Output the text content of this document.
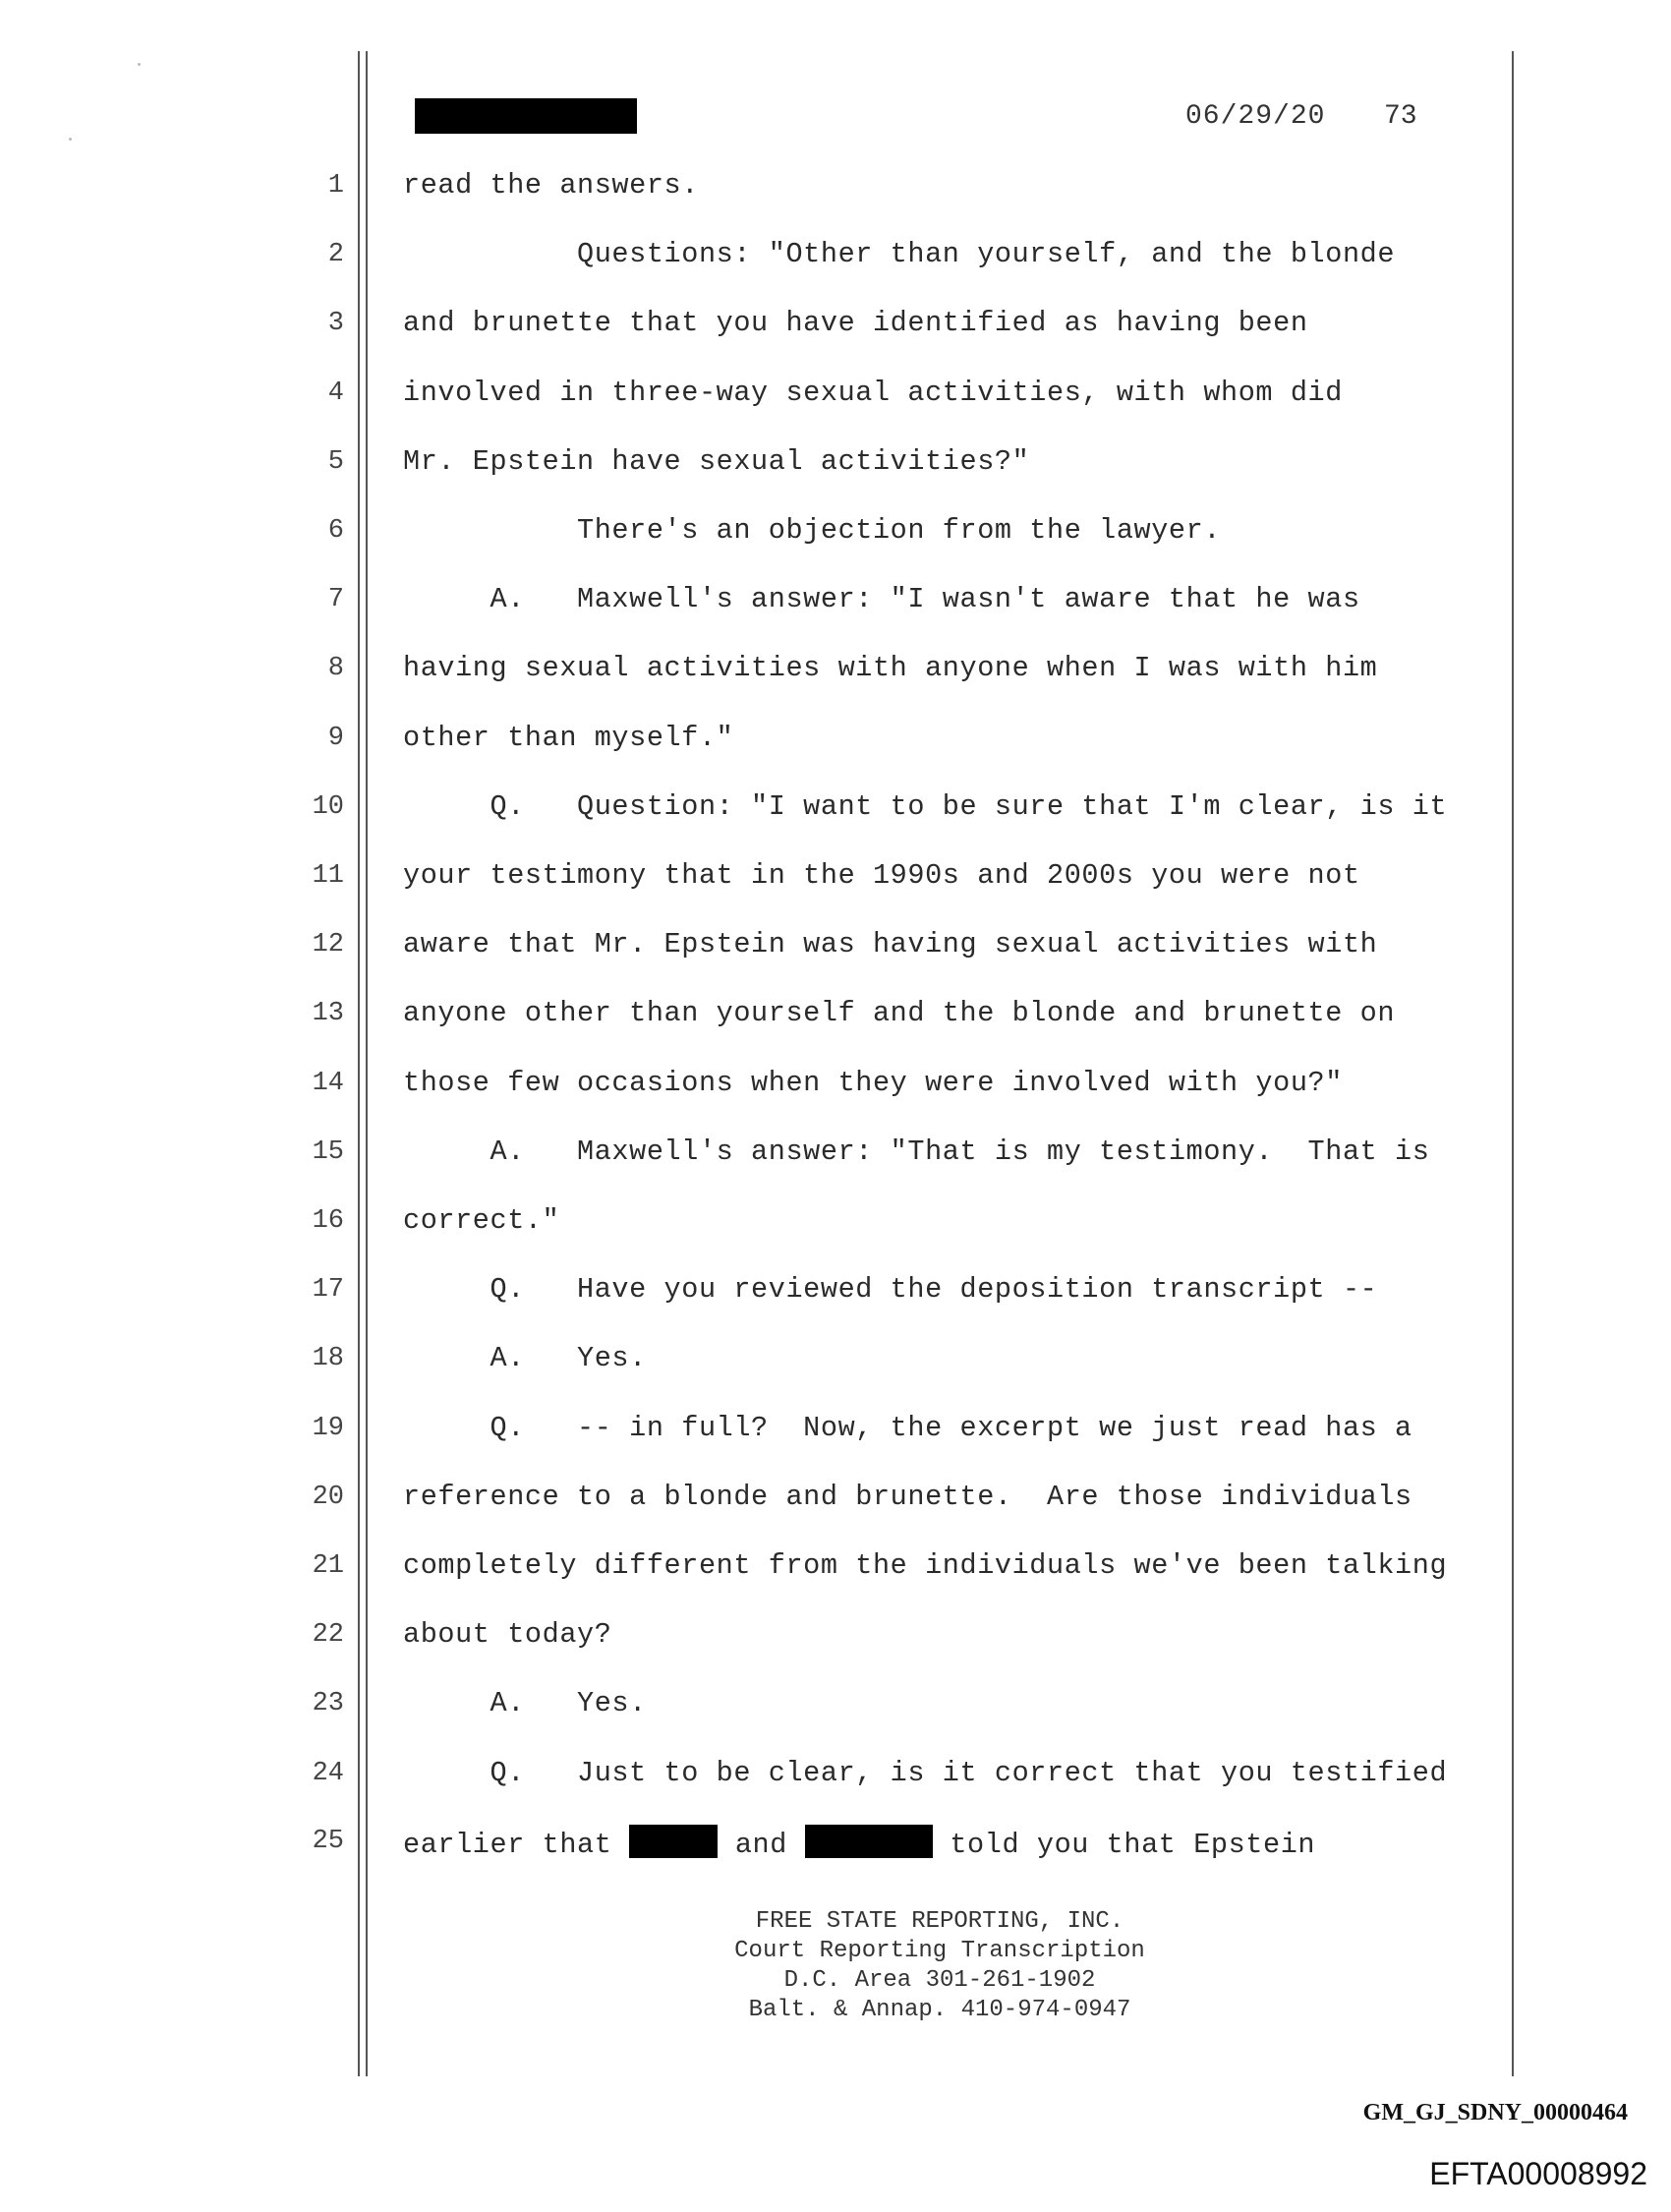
06/29/20 73
1 read the answers.
2 Questions: "Other than yourself, and the blonde
3 and brunette that you have identified as having been
4 involved in three-way sexual activities, with whom did
5 Mr. Epstein have sexual activities?"
6 There's an objection from the lawyer.
7 A.   Maxwell's answer: "I wasn't aware that he was
8 having sexual activities with anyone when I was with him
9 other than myself."
10 Q.   Question: "I want to be sure that I'm clear, is it
11 your testimony that in the 1990s and 2000s you were not
12 aware that Mr. Epstein was having sexual activities with
13 anyone other than yourself and the blonde and brunette on
14 those few occasions when they were involved with you?"
15 A.   Maxwell's answer: "That is my testimony.  That is
16 correct."
17 Q.   Have you reviewed the deposition transcript --
18 A.   Yes.
19 Q.   -- in full?  Now, the excerpt we just read has a
20 reference to a blonde and brunette.  Are those individuals
21 completely different from the individuals we've been talking
22 about today?
23 A.   Yes.
24 Q.   Just to be clear, is it correct that you testified
25 earlier that	and	told you that Epstein
FREE STATE REPORTING, INC.
Court Reporting Transcription
D.C. Area 301-261-1902
Balt. & Annap. 410-974-0947
GM_GJ_SDNY_00000464
EFTA00008992
